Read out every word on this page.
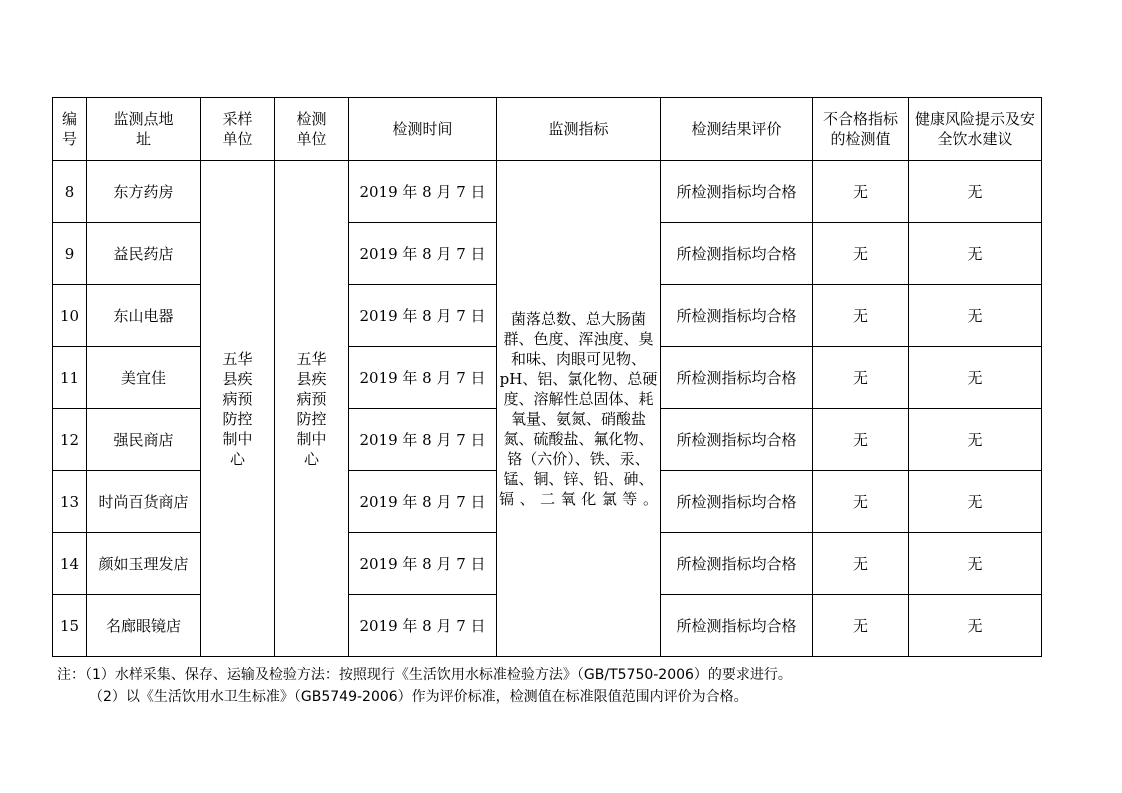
编号	监测点地址	采样单位	检测单位	检测时间	监测指标	检测结果评价	不合格指标的检测值	健康风险提示及安全饮水建议
8	东方药房	五华县疾病预防控制中心	五华县疾病预防控制中心	2019 年 8 月 7 日	菌落总数、总大肠菌群、色度、浑浊度、臭和味、肉眼可见物、pH、铝、氯化物、总硬度、溶解性总固体、耗氧量、氨氮、硝酸盐氮、硫酸盐、氟化物、铬（六价）、铁、汞、锰、铜、锌、铅、砷、镉、二氧化氯等。	所检测指标均合格	无	无
9	益民药店			2019 年 8 月 7 日		所检测指标均合格	无	无
10	东山电器			2019 年 8 月 7 日		所检测指标均合格	无	无
11	美宜佳			2019 年 8 月 7 日		所检测指标均合格	无	无
12	强民商店			2019 年 8 月 7 日		所检测指标均合格	无	无
13	时尚百货商店			2019 年 8 月 7 日		所检测指标均合格	无	无
14	颜如玉理发店			2019 年 8 月 7 日		所检测指标均合格	无	无
15	名廊眼镜店			2019 年 8 月 7 日		所检测指标均合格	无	无
注：（1）水样采集、保存、运输及检验方法：按照现行《生活饮用水标准检验方法》（GB/T5750-2006）的要求进行。
（2）以《生活饮用水卫生标准》（GB5749-2006）作为评价标准，检测值在标准限值范围内评价为合格。
